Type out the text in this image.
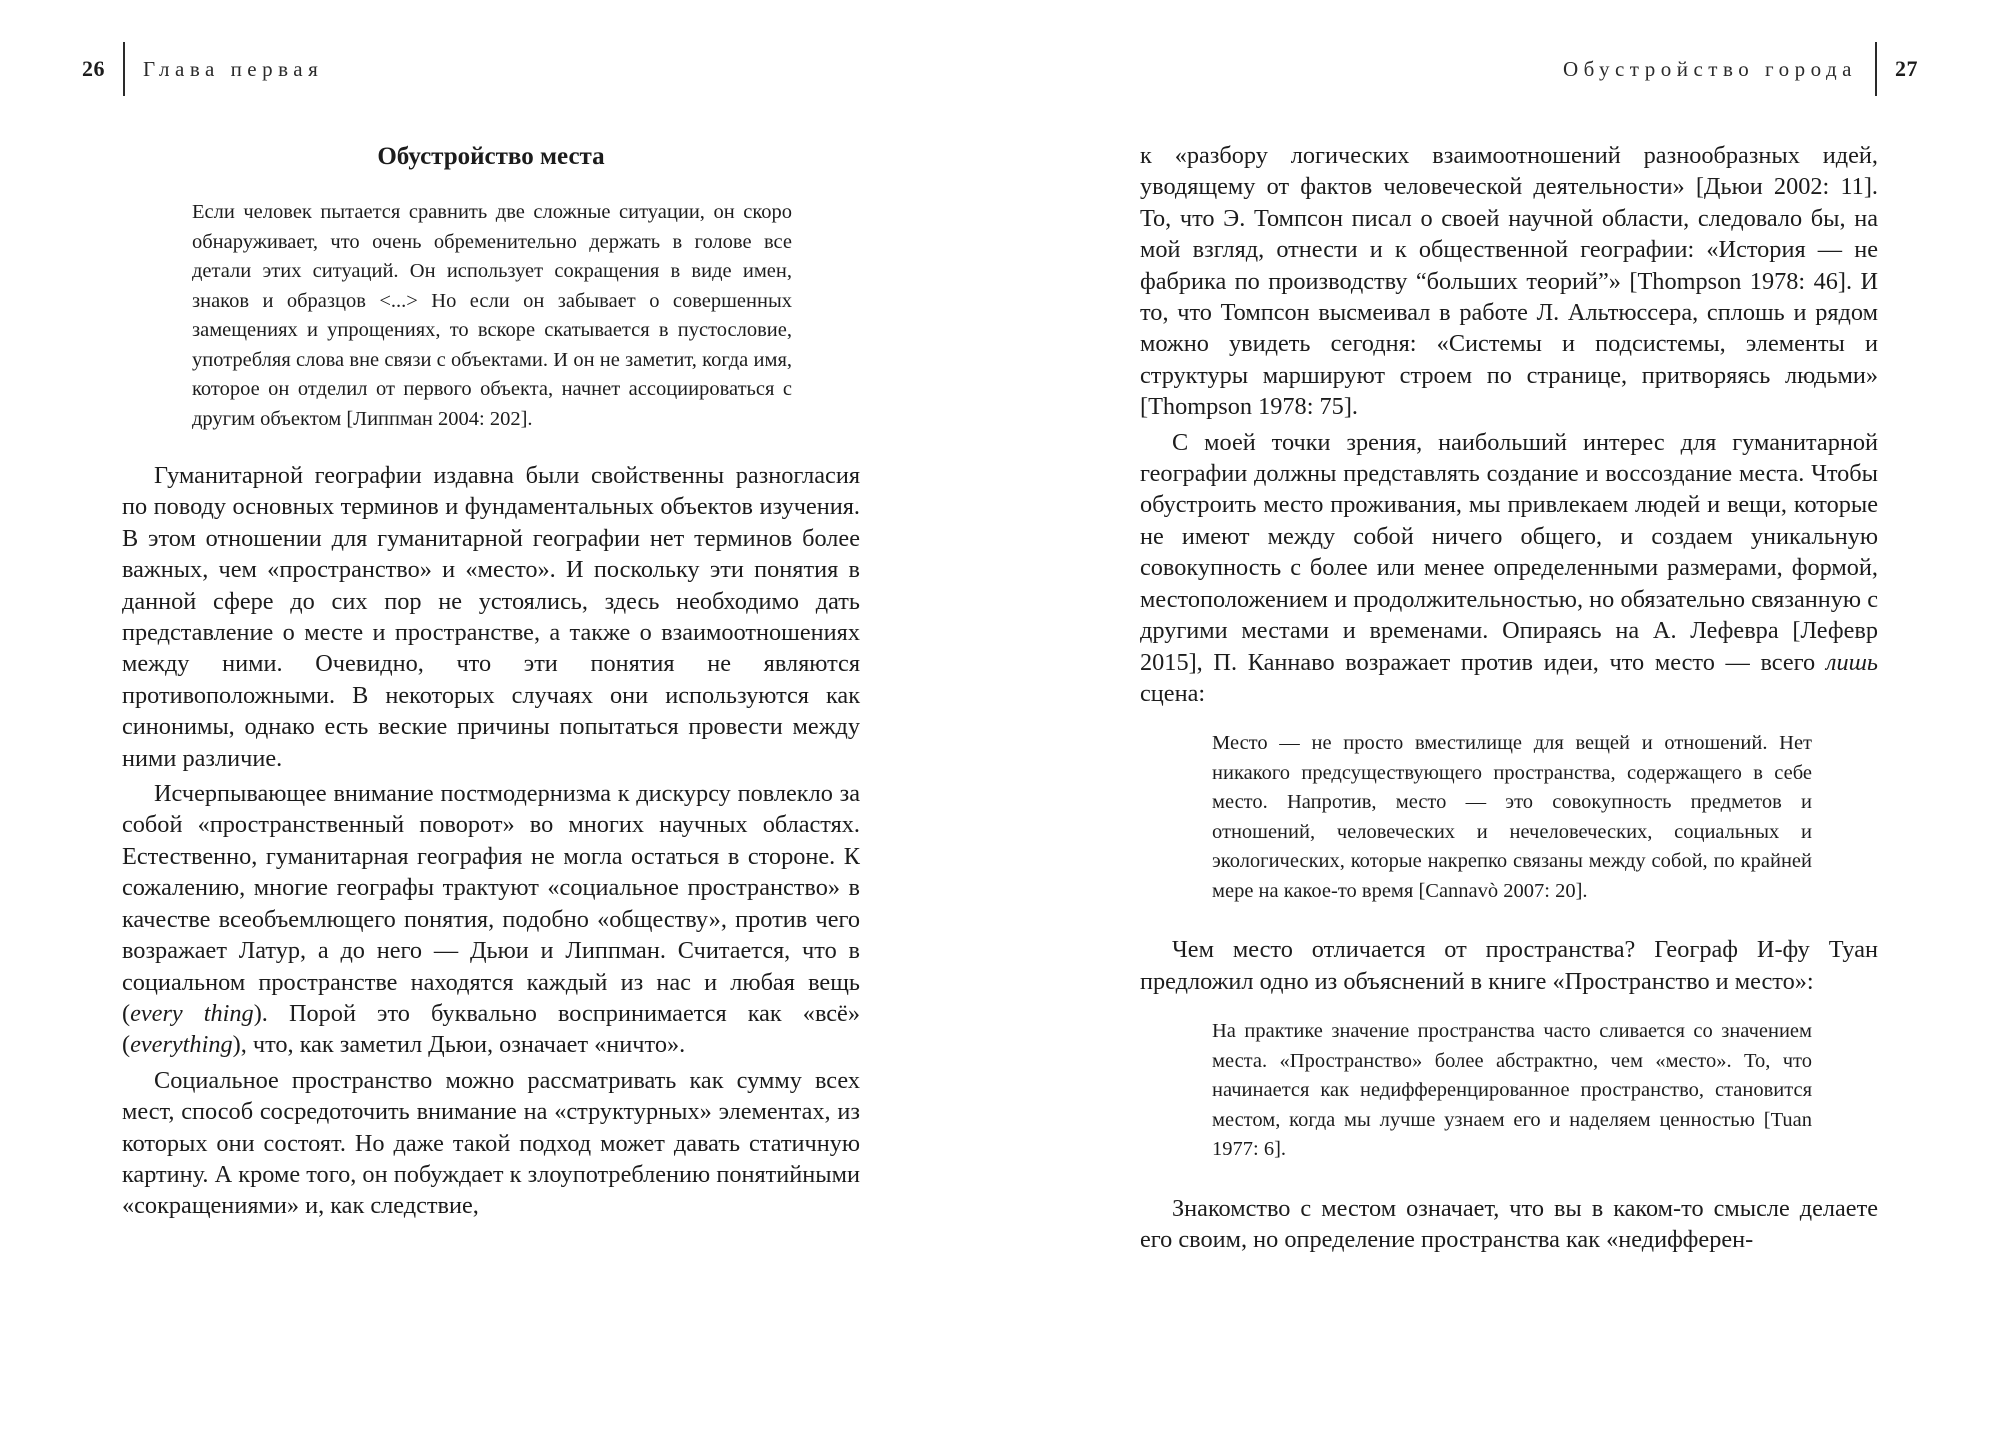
26 Глава первая
Обустройство места

Если человек пытается сравнить две сложные ситуации, он скоро обнаруживает, что очень обременительно держать в голове все детали этих ситуаций. Он использует сокращения в виде имен, знаков и образцов <...> Но если он забывает о совершенных замещениях и упрощениях, то вскоре скатывается в пустословие, употребляя слова вне связи с объектами. И он не заметит, когда имя, которое он отделил от первого объекта, начнет ассоциироваться с другим объектом [Липпман 2004: 202].

Гуманитарной географии издавна были свойственны разногласия по поводу основных терминов и фундаментальных объектов изучения. В этом отношении для гуманитарной географии нет терминов более важных, чем «пространство» и «место». И поскольку эти понятия в данной сфере до сих пор не устоялись, здесь необходимо дать представление о месте и пространстве, а также о взаимоотношениях между ними. Очевидно, что эти понятия не являются противоположными. В некоторых случаях они используются как синонимы, однако есть веские причины попытаться провести между ними различие.

Исчерпывающее внимание постмодернизма к дискурсу повлекло за собой «пространственный поворот» во многих научных областях. Естественно, гуманитарная география не могла остаться в стороне. К сожалению, многие географы трактуют «социальное пространство» в качестве всеобъемлющего понятия, подобно «обществу», против чего возражает Латур, а до него — Дьюи и Липпман. Считается, что в социальном пространстве находятся каждый из нас и любая вещь (every thing). Порой это буквально воспринимается как «всё» (everything), что, как заметил Дьюи, означает «ничто».

Социальное пространство можно рассматривать как сумму всех мест, способ сосредоточить внимание на «структурных» элементах, из которых они состоят. Но даже такой подход может давать статичную картину. А кроме того, он побуждает к злоупотреблению понятийными «сокращениями» и, как следствие,

Обустройство города 27

к «разбору логических взаимоотношений разнообразных идей, уводящему от фактов человеческой деятельности» [Дьюи 2002: 11]. То, что Э. Томпсон писал о своей научной области, следовало бы, на мой взгляд, отнести и к общественной географии: «История — не фабрика по производству “больших теорий”» [Thompson 1978: 46]. И то, что Томпсон высмеивал в работе Л. Альтюссера, сплошь и рядом можно увидеть сегодня: «Системы и подсистемы, элементы и структуры маршируют строем по странице, притворяясь людьми» [Thompson 1978: 75].

С моей точки зрения, наибольший интерес для гуманитарной географии должны представлять создание и воссоздание места. Чтобы обустроить место проживания, мы привлекаем людей и вещи, которые не имеют между собой ничего общего, и создаем уникальную совокупность с более или менее определенными размерами, формой, местоположением и продолжительностью, но обязательно связанную с другими местами и временами. Опираясь на А. Лефевра [Лефевр 2015], П. Каннаво возражает против идеи, что место — всего лишь сцена:

Место — не просто вместилище для вещей и отношений. Нет никакого предсуществующего пространства, содержащего в себе место. Напротив, место — это совокупность предметов и отношений, человеческих и нечеловеческих, социальных и экологических, которые накрепко связаны между собой, по крайней мере на какое-то время [Cannavò 2007: 20].

Чем место отличается от пространства? Географ И-фу Туан предложил одно из объяснений в книге «Пространство и место»:

На практике значение пространства часто сливается со значением места. «Пространство» более абстрактно, чем «место». То, что начинается как недифференцированное пространство, становится местом, когда мы лучше узнаем его и наделяем ценностью [Tuan 1977: 6].

Знакомство с местом означает, что вы в каком-то смысле делаете его своим, но определение пространства как «недифферен-
